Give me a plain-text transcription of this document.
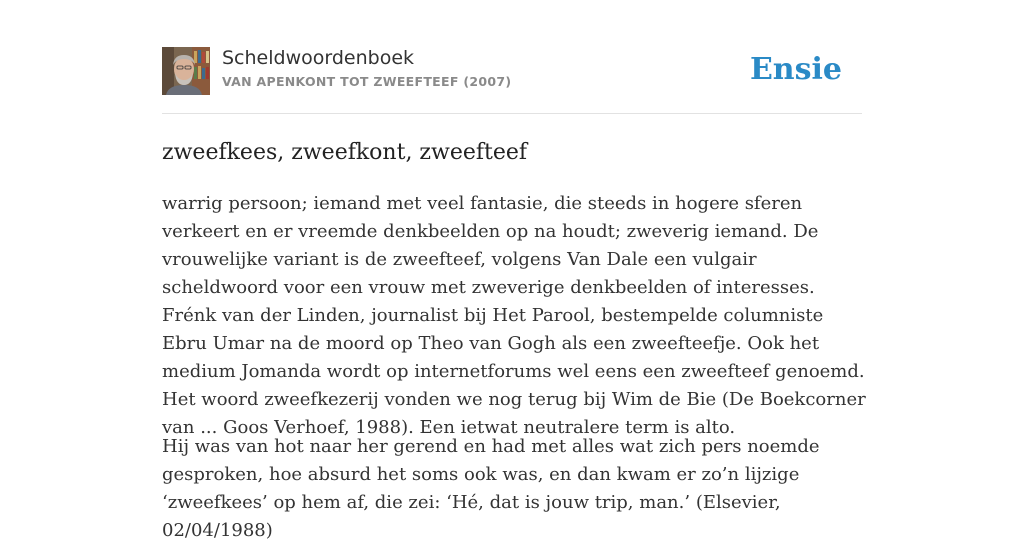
Scheldwoordenboek
VAN APENKONT TOT ZWEEFTEEF (2007)	Ensie
zweefkees, zweefkont, zweefteef

warrig persoon; iemand met veel fantasie, die steeds in hogere sferen verkeert en er vreemde denkbeelden op na houdt; zweverig iemand. De vrouwelijke variant is de zweefteef, volgens Van Dale een vulgair scheldwoord voor een vrouw met zweverige denkbeelden of interesses. Frénk van der Linden, journalist bij Het Parool, bestempelde columniste Ebru Umar na de moord op Theo van Gogh als een zweefteefje. Ook het medium Jomanda wordt op internetforums wel eens een zweefteef genoemd. Het woord zweefkezerij vonden we nog terug bij Wim de Bie (De Boekcorner van ... Goos Verhoef, 1988). Een ietwat neutralere term is alto.

Hij was van hot naar her gerend en had met alles wat zich pers noemde gesproken, hoe absurd het soms ook was, en dan kwam er zo’n lijzige ‘zweefkees’ op hem af, die zei: ‘Hé, dat is jouw trip, man.’ (Elsevier, 02/04/1988)
